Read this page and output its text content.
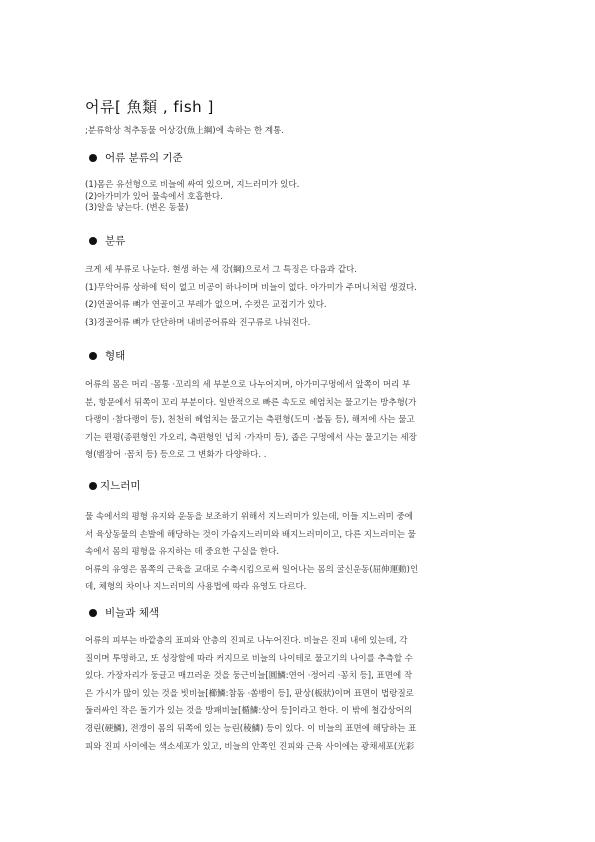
어류[ 魚類 , fish ]
;분류학상 척추동물 어상강(魚上綱)에 속하는 한 계통.
어류 분류의 기준
(1)몸은 유선형으로 비늘에 싸여 있으며, 지느러미가 있다.
(2)아가미가 있어 물속에서 호흡한다.
(3)알을 낳는다. (변온 동물)
분류
크게 세 부류로 나눈다. 현생 하는 세 강(綱)으로서 그 특징은 다음과 같다.
(1)무악어류 상하에 턱이 없고 비공이 하나이며 비늘이 없다. 아가미가 주머니처럼 생겼다.
(2)연골어류 뼈가 연골이고 부레가 없으며, 수컷은 교접기가 있다.
(3)경골어류 뼈가 단단하며 내비공어류와 진구류로 나눠진다.
형태
어류의 몸은 머리 ·몸통 ·꼬리의 세 부분으로 나누어지며, 아가미구멍에서 앞쪽이 머리 부
분, 항문에서 뒤쪽이 꼬리 부분이다. 일반적으로 빠른 속도로 헤엄치는 물고기는 방추형(가
다랭이 ·참다랭이 등), 천천히 헤엄치는 물고기는 측편형(도미 ·볼돔 등), 해저에 사는 물고
기는 편평(종편형인 가오리, 측편형인 넙치 ·가자미 등), 좁은 구멍에서 사는 물고기는 세장
형(뱀장어 ·꼼치 등) 등으로 그 변화가 다양하다. .
지느러미
물 속에서의 평형 유지와 운동을 보조하기 위해서 지느러미가 있는데, 이들 지느러미 중에
서 육상동물의 손발에 해당하는 것이 가슴지느러미와 배지느러미이고, 다른 지느러미는 물
속에서 몸의 평형을 유지하는 데 중요한 구실을 한다.
어류의 유영은 몸쪽의 근육을 교대로 수축시킴으로써 일어나는 몸의 굴신운동(屈伸運動)인
데, 체형의 차이나 지느러미의 사용법에 따라 유영도 다르다.
비늘과 체색
어류의 피부는 바깥층의 표피와 안층의 진피로 나누어진다. 비늘은 진피 내에 있는데, 각
질이며 투명하고, 또 성장함에 따라 커지므로 비늘의 나이테로 물고기의 나이를 추측할 수
있다. 가장자리가 둥글고 매끄러운 것을 둥근비늘[圓鱗:연어 ·정어리 ·꽁치 등], 표면에 작
은 가시가 많이 있는 것을 빗비늘[櫛鱗:참돔 ·쏨뱅이 등], 판상(板狀)이며 표면이 법랑질로
둘러싸인 작은 돌기가 있는 것을 방패비늘[楯鱗:상어 등]이라고 한다. 이 밖에 철갑상어의
경린(硬鱗), 전갱이 몸의 뒤쪽에 있는 능린(稜鱗) 등이 있다. 이 비늘의 표면에 해당하는 표
피와 진피 사이에는 색소세포가 있고, 비늘의 안쪽인 진피와 근육 사이에는 광채세포(光彩
